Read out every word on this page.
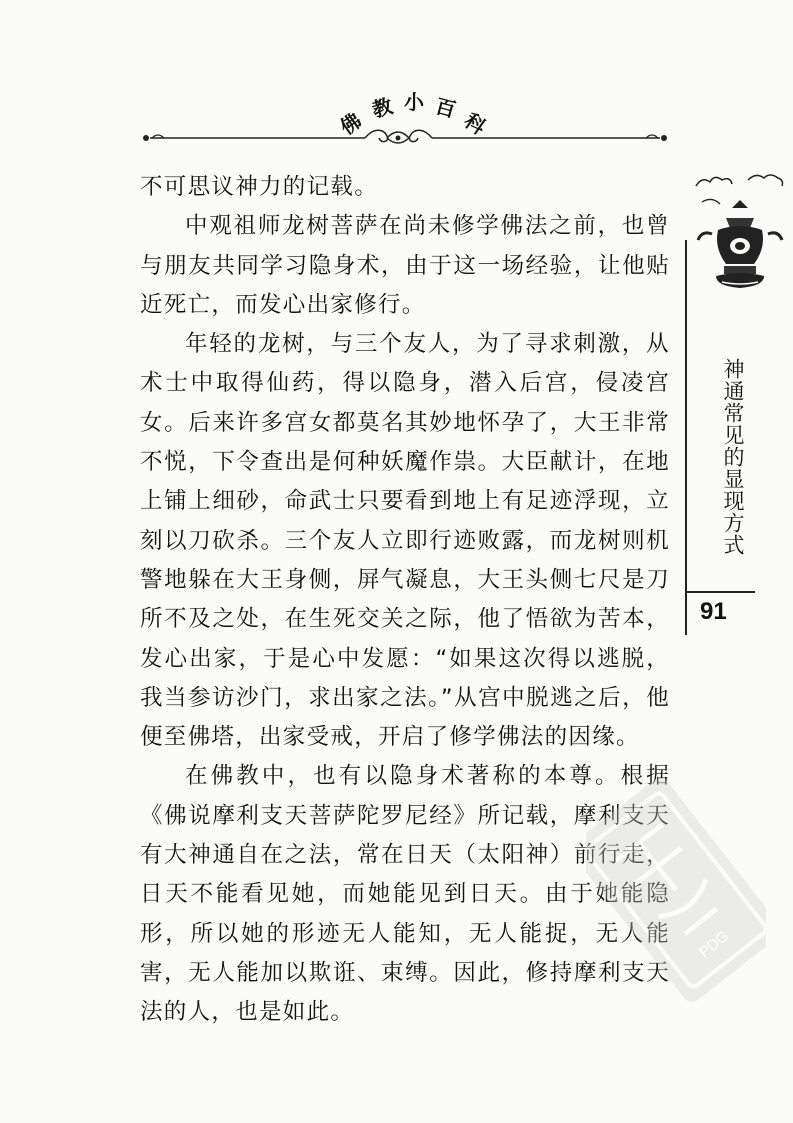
佛
教 小 百
科
神通常见的显现方式
91

不可思议神力的记载。

中观祖师龙树菩萨在尚未修学佛法之前，也曾与朋友共同学习隐身术，由于这一场经验，让他贴近死亡，而发心出家修行。

年轻的龙树，与三个友人，为了寻求刺激，从术士中取得仙药，得以隐身，潜入后宫，侵凌宫女。后来许多宫女都莫名其妙地怀孕了，大王非常不悦，下令查出是何种妖魔作祟。大臣献计，在地上铺上细砂，命武士只要看到地上有足迹浮现，立刻以刀砍杀。三个友人立即行迹败露，而龙树则机警地躲在大王身侧，屏气凝息，大王头侧七尺是刀所不及之处，在生死交关之际，他了悟欲为苦本，发心出家，于是心中发愿：“如果这次得以逃脱，我当参访沙门，求出家之法。”从宫中脱逃之后，他便至佛塔，出家受戒，开启了修学佛法的因缘。

在佛教中，也有以隐身术著称的本尊。根据《佛说摩利支天菩萨陀罗尼经》所记载，摩利支天有大神通自在之法，常在日天（太阳神）前行走，日天不能看见她，而她能见到日天。由于她能隐形，所以她的形迹无人能知，无人能捉，无人能害，无人能加以欺诳、束缚。因此，修持摩利支天法的人，也是如此。

PDG
